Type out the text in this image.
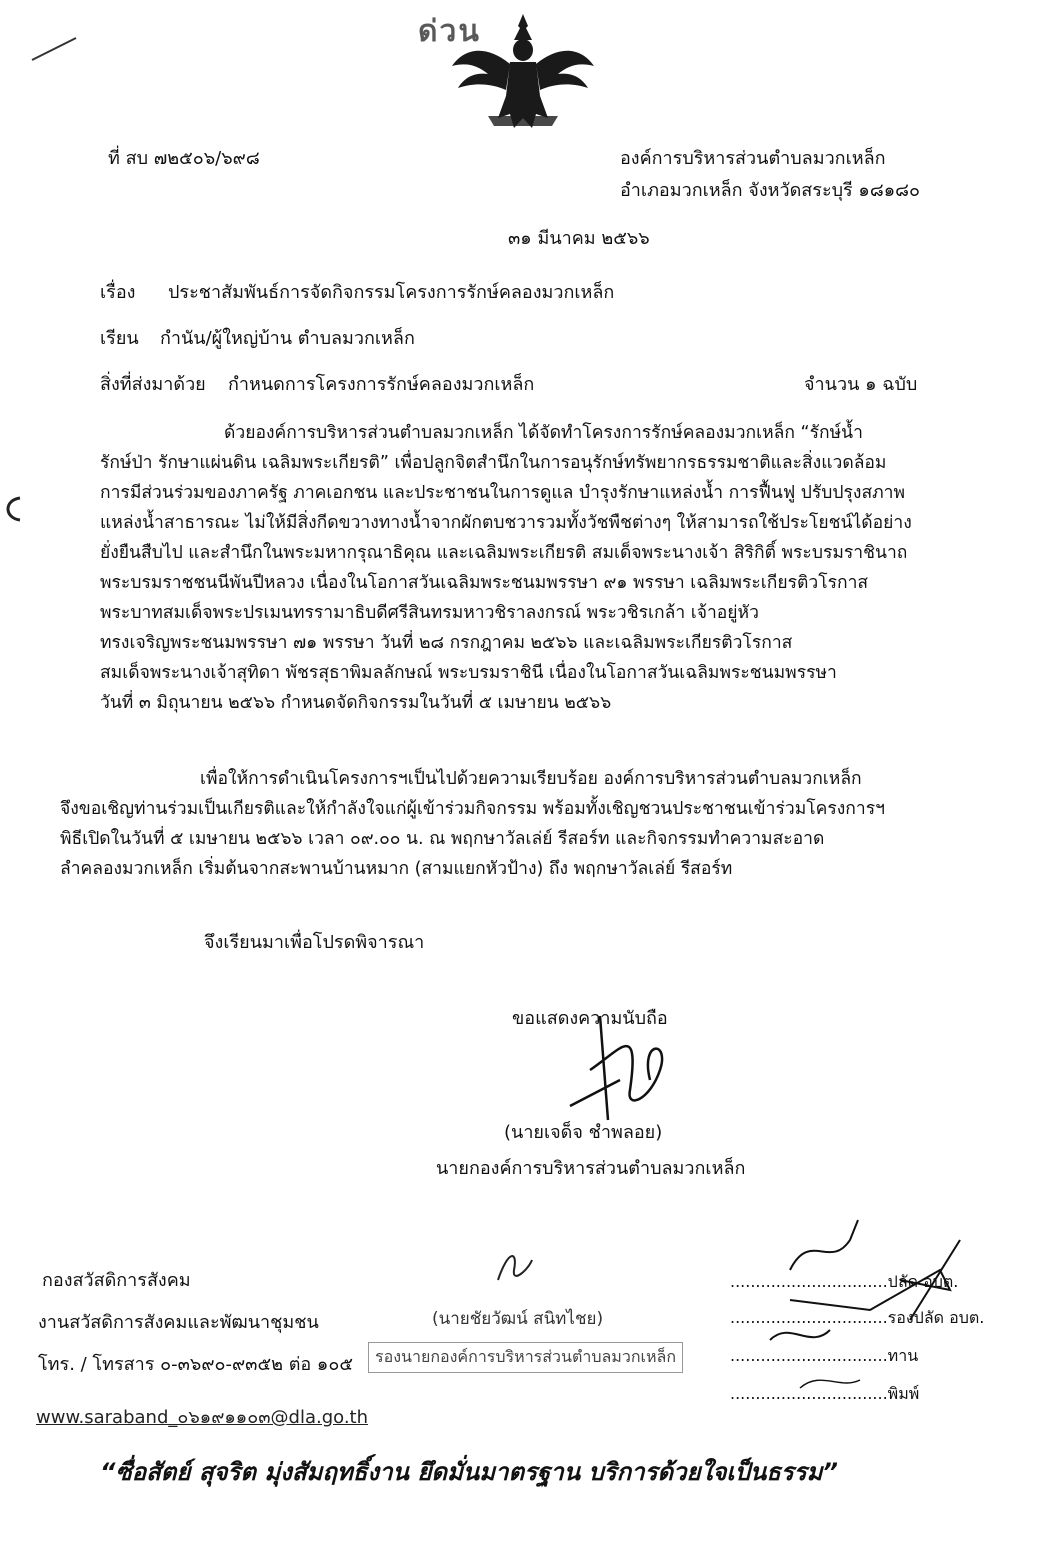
ด่วน
ที่ สบ ๗๒๕๐๖/๖๙๘	องค์การบริหารส่วนตำบลมวกเหล็ก
อำเภอมวกเหล็ก จังหวัดสระบุรี ๑๘๑๘๐
๓๑ มีนาคม ๒๕๖๖
เรื่อง ประชาสัมพันธ์การจัดกิจกรรมโครงการรักษ์คลองมวกเหล็ก
เรียน กำนัน/ผู้ใหญ่บ้าน ตำบลมวกเหล็ก
สิ่งที่ส่งมาด้วย กำหนดการโครงการรักษ์คลองมวกเหล็ก	จำนวน ๑ ฉบับ
ด้วยองค์การบริหารส่วนตำบลมวกเหล็ก ได้จัดทำโครงการรักษ์คลองมวกเหล็ก “รักษ์น้ำ
รักษ์ป่า รักษาแผ่นดิน เฉลิมพระเกียรติ” เพื่อปลูกจิตสำนึกในการอนุรักษ์ทรัพยากรธรรมชาติและสิ่งแวดล้อม
การมีส่วนร่วมของภาครัฐ ภาคเอกชน และประชาชนในการดูแล บำรุงรักษาแหล่งน้ำ การฟื้นฟู ปรับปรุงสภาพ
แหล่งน้ำสาธารณะ ไม่ให้มีสิ่งกีดขวางทางน้ำจากผักตบชวารวมทั้งวัชพืชต่างๆ ให้สามารถใช้ประโยชน์ได้อย่าง
ยั่งยืนสืบไป และสำนึกในพระมหากรุณาธิคุณ และเฉลิมพระเกียรติ สมเด็จพระนางเจ้า สิริกิติ์ พระบรมราชินาถ
พระบรมราชชนนีพันปีหลวง เนื่องในโอกาสวันเฉลิมพระชนมพรรษา ๙๑ พรรษา เฉลิมพระเกียรติวโรกาส
พระบาทสมเด็จพระปรเมนทรรามาธิบดีศรีสินทรมหาวชิราลงกรณ์ พระวชิรเกล้า เจ้าอยู่หัว
ทรงเจริญพระชนมพรรษา ๗๑ พรรษา วันที่ ๒๘ กรกฎาคม ๒๕๖๖ และเฉลิมพระเกียรติวโรกาส
สมเด็จพระนางเจ้าสุทิดา พัชรสุธาพิมลลักษณ์ พระบรมราชินี เนื่องในโอกาสวันเฉลิมพระชนมพรรษา
วันที่ ๓ มิถุนายน ๒๕๖๖ กำหนดจัดกิจกรรมในวันที่ ๕ เมษายน ๒๕๖๖
เพื่อให้การดำเนินโครงการฯเป็นไปด้วยความเรียบร้อย องค์การบริหารส่วนตำบลมวกเหล็ก
จึงขอเชิญท่านร่วมเป็นเกียรติและให้กำลังใจแก่ผู้เข้าร่วมกิจกรรม พร้อมทั้งเชิญชวนประชาชนเข้าร่วมโครงการฯ
พิธีเปิดในวันที่ ๕ เมษายน ๒๕๖๖ เวลา ๐๙.๐๐ น. ณ พฤกษาวัลเล่ย์ รีสอร์ท และกิจกรรมทำความสะอาด
ลำคลองมวกเหล็ก เริ่มต้นจากสะพานบ้านหมาก (สามแยกหัวป้าง) ถึง พฤกษาวัลเล่ย์ รีสอร์ท
จึงเรียนมาเพื่อโปรดพิจารณา
ขอแสดงความนับถือ
(นายเจด็จ ชำพลอย)
นายกองค์การบริหารส่วนตำบลมวกเหล็ก
กองสวัสดิการสังคม
งานสวัสดิการสังคมและพัฒนาชุมชน
โทร. / โทรสาร ๐-๓๖๙๐-๙๓๕๒ ต่อ ๑๐๕
www.saraband_๐๖๑๙๑๑๐๓@dla.go.th
(นายชัยวัฒน์ สนิทไชย)
รองนายกองค์การบริหารส่วนตำบลมวกเหล็ก
...............................ปลัด อบต.
...............................รองปลัด อบต.
...............................ทาน
...............................พิมพ์
“ซื่อสัตย์ สุจริต มุ่งสัมฤทธิ์งาน ยึดมั่นมาตรฐาน บริการด้วยใจเป็นธรรม”
